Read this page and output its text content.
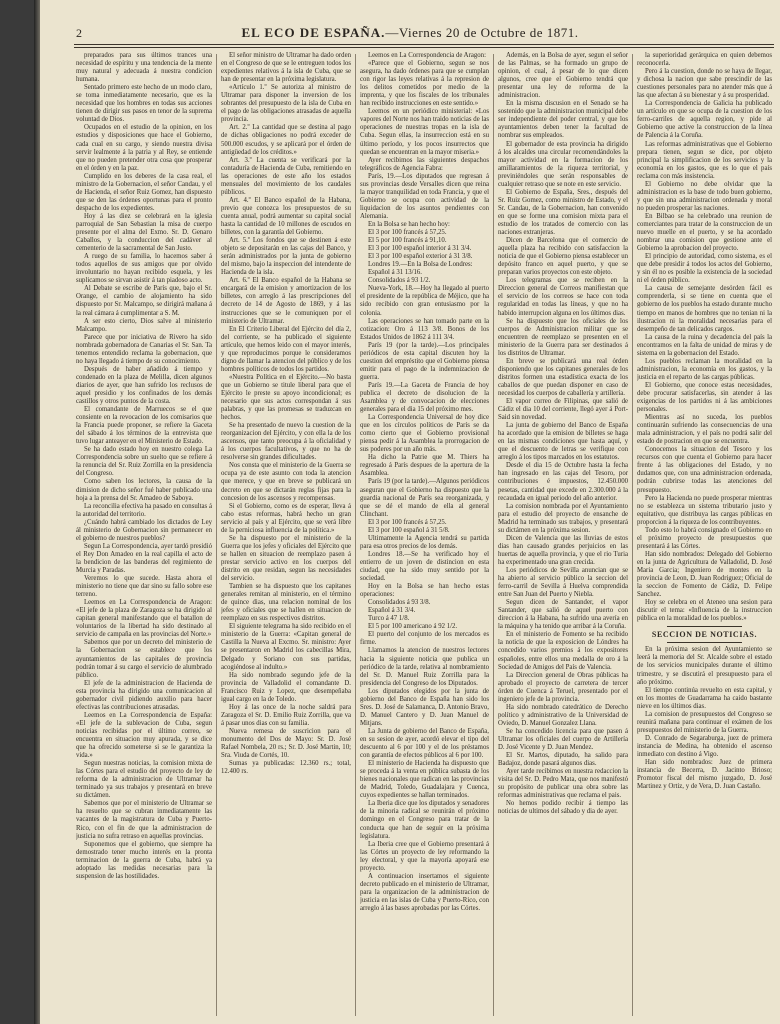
2	EL ECO DE ESPAÑA.—Viernes 20 de Octubre de 1871.

preparados para sus últimos trances una necesidad de espíritu y una tendencia de la mente muy natural y adecuada á nuestra condicion humana.

Sentado primero este hecho de un modo claro, se toma inmediatamente necesario, que es la necesidad que los hombres en todas sus acciones tienen de dirigir sus pasos en tenor de la suprema voluntad de Dios.

Ocupados en el estudio de la opinion, en los estudios y disposiciones que hace el Gobierno, cada cual en su cargo, y siendo nuestra divisa servir lealmente á la patria y al Rey, se entiende que no pueden pretender otra cosa que prosperar en el órden y en la paz.

Cumplido en los deberes de la casa real, el ministro de la Gobernacion, el señor Candau, y el de Hacienda, el señor Ruiz Gomez, han dispuesto que se den las órdenes oportunas para el pronto despacho de los expedientes.

Hoy á las diez se celebrará en la iglesia parroquial de San Sebastian la misa de cuerpo presente por el alma del Exmo. Sr. D. Genaro Caballos, y la conduccion del cadáver al cementerio de la sacramental de San Justo.

A ruego de su familia, lo hacemos saber á todos aquellos de sus amigos que por olvido involuntario no hayan recibido esquela, y les suplicamos se sirvan asistir á tan piadoso acto.

Al Debate se escribe de París que, bajo el Sr. Orange, el cambio de alojamiento ha sido dispuesto por Sr. Malcampo, se dirigirá mañana á la real cámara á cumplimentar a S. M.

A ser esto cierto, Dios salve al ministerio Malcampo.

Parece que por iniciativa de Rivero ha sido nombrada gobernadora de Canarias el Sr. San. Ta tenemos entendido reclama la gobernacion, que no haya llegado á tiempo de su conocimiento.

Después de haber añadido á tiempo y condenado en la plaza de Melilla, dicen algunos diarios de ayer, que han sufrido los reclusos de aquel presidio y los confinados de los demás castillos y otros puntos de la costa.

El comandante de Marruecos se el que consiente en la revocacion de los comisarios que la Francia puede proponer, se refiere la Gaceta del sábado á los términos de la entrevista que tuvo lugar anteayer en el Ministerio de Estado.

Se ha dado estado hoy en nuestro colega La Correspondencia sobre un suelto que se refiere á la renuncia del Sr. Ruiz Zorrilla en la presidencia del Congreso.

Como saben los lectores, la causa de la dimision de dicho señor fué haber publicado una hoja a la prensa del Sr. Amadeo de Saboya.

La reconcilia efectiva ha pasado en consultas á la autoridad del territorio.

¿Cuándo habrá cambiado los dictados de Ley ál ministerio de Gobernacion sin permanecer en el gobierno de nuestros pueblos?

Segun La Correspondencia, ayer tardó presidió el Rey Don Amadeo en la real capilla el acto de la bendicion de las banderas del regimiento de Murcia y Paradas.

Veremos lo que sucede. Hasta ahora el ministerio no tiene que dar sino su fallo sobre ese terreno.

Leemos en La Correspondencia de Aragon: «El jefe de la plaza de Zaragoza se ha dirigido al capitan general manifestando que el batallon de voluntarios de la libertad ha sido destinado al servicio de campaña en las provincias del Norte.»

Sabemos que por un decreto del ministerio de la Gobernacion se establece que los ayuntamientos de las capitales de provincia podrán tomar á su cargo el servicio de alumbrado público.

El jefe de la administracion de Hacienda de esta provincia ha dirigido una comunicacion al gobernador civil pidiendo auxilio para hacer efectivas las contribuciones atrasadas.

Leemos en La Correspondencia de España: «El jefe de la sublevacion de Cuba, segun noticias recibidas por el último correo, se encuentra en situacion muy apurada, y se dice que ha ofrecido someterse si se le garantiza la vida.»

Segun nuestras noticias, la comision mixta de las Córtes para el estudio del proyecto de ley de reforma de la administracion de Ultramar ha terminado ya sus trabajos y presentará en breve su dictámen.

Sabemos que por el ministerio de Ultramar se ha resuelto que se cubran inmediatamente las vacantes de la magistratura de Cuba y Puerto-Rico, con el fin de que la administracion de justicia no sufra retraso en aquellas provincias.

Suponemos que el gobierno, que siempre ha demostrado tener mucho interés en la pronta terminacion de la guerra de Cuba, habrá ya adoptado las medidas necesarias para la suspension de las hostilidades.

El señor ministro de Ultramar ha dado orden en el Congreso de que se le entreguen todos los expedientes relativos á la isla de Cuba, que se han de presentar en la próxima legislatura.

«Artículo 1.º Se autoriza al ministro de Ultramar para disponer la inversion de los sobrantes del presupuesto de la isla de Cuba en el pago de las obligaciones atrasadas de aquella provincia.

Art. 2.º La cantidad que se destina al pago de dichas obligaciones no podrá exceder de 500.000 escudos, y se aplicará por el órden de antigüedad de los créditos.»

Art. 3.º La cuenta se verificará por la contaduría de Hacienda de Cuba, remitiendo en las operaciones de este año los estados mensuales del movimiento de los caudales públicos.

Art. 4.º El Banco español de la Habana, previo que conozca los presupuestos de su cuenta anual, podrá aumentar su capital social hasta la cantidad de 10 millones de escudos en billetes, con la garantía del Gobierno.

Art. 5.º Los fondos que se destinen á este objeto se depositarán en las cajas del Banco, y serán administrados por la junta de gobierno del mismo, bajo la inspeccion del intendente de Hacienda de la isla.

Art. 6.º El Banco español de la Habana se encargará de la emision y amortizacion de los billetes, con arreglo á las prescripciones del decreto de 14 de Agosto de 1869, y á las instrucciones que se le comuniquen por el ministerio de Ultramar.

En El Criterio Liberal del Ejército del día 2, del corriente, se ha publicado el siguiente artículo, que hemos leido con el mayor interés, y que reproducimos porque le consideramos digno de llamar la atencion del público y de los hombres políticos de todos los partidos.

«Nuestra Política en el Ejército.—No basta que un Gobierno se titule liberal para que el Ejército le preste su apoyo incondicional; es necesario que sus actos correspondan á sus palabras, y que las promesas se traduzcan en hechos.

Se ha presentado de nuevo la cuestion de la reorganizacion del Ejército, y con ella la de los ascensos, que tanto preocupa á la oficialidad y á los cuerpos facultativos, y que no ha de resolverse sin grandes dificultades.

Nos consta que el ministerio de la Guerra se ocupa ya de este asunto con toda la atencion que merece, y que en breve se publicará un decreto en que se dictarán reglas fijas para la concesion de los ascensos y recompensas.

Si el Gobierno, como es de esperar, lleva á cabo estas reformas, habrá hecho un gran servicio al país y al Ejército, que se verá libre de la perniciosa influencia de la política.»

Se ha dispuesto por el ministerio de la Guerra que los jefes y oficiales del Ejército que se hallen en situacion de reemplazo pasen á prestar servicio activo en los cuerpos del distrito en que residan, segun las necesidades del servicio.

Tambien se ha dispuesto que los capitanes generales remitan al ministerio, en el término de quince dias, una relacion nominal de los jefes y oficiales que se hallen en situacion de reemplazo en sus respectivos distritos.

El siguiente telegrama ha sido recibido en el ministerio de la Guerra: «Capitan general de Castilla la Nueva al Excmo. Sr. ministro: Ayer se presentaron en Madrid los cabecillas Mira, Delgado y Soriano con sus partidas, acogiéndose al indulto.»

Ha sido nombrado segundo jefe de la provincia de Valladolid el comandante D. Francisco Ruiz y Lopez, que desempeñaba igual cargo en la de Toledo.

Hoy á las once de la noche saldrá para Zaragoza el Sr. D. Emilio Ruiz Zorrilla, que va á pasar unos dias con su familia.

Nueva remesa de suscricion para el monumento del Dos de Mayo: Sr. D. José Rafael Nombela, 20 rs.; Sr. D. José Martin, 10; Sra. Viuda de Cortés, 10.

Sumas ya publicadas: 12.360 rs.; total, 12.400 rs.

Leemos en La Correspondencia de Aragon:

«Parece que el Gobierno, segun se nos asegura, ha dado órdenes para que se cumplan con rigor las leyes relativas á la represion de los delitos cometidos por medio de la imprenta, y que los fiscales de los tribunales han recibido instrucciones en este sentido.»

Leemos en un periódico ministerial: «Los vapores del Norte nos han traido noticias de las operaciones de nuestras tropas en la isla de Cuba. Segun ellas, la insurreccion está en su último período, y los pocos insurrectos que quedan se encuentran en la mayor miseria.»

Ayer recibimos las siguientes despachos telegráficos de Agencia Fabra:

París, 19.—Los diputados que regresan á sus provincias desde Versalles dicen que reina la mayor tranquilidad en toda Francia, y que el Gobierno se ocupa con actividad de la liquidacion de los asuntos pendientes con Alemania.

En la Bolsa se han hecho hoy:

El 3 por 100 francés á 57,25.

El 5 por 100 francés á 91,10.

El 3 por 100 español interior á 31 3/4.

El 3 por 100 español exterior á 31 3/8.

Londres 19.—En la Bolsa de Londres:

Español á 31 13/16.

Consolidados á 93 1/2.

Nueva-York, 18.—Hoy ha llegado al puerto el presidente de la república de Méjico, que ha sido recibido con gran entusiasmo por la colonia.

Las operaciones se han tomado parte en la cotizacion: Oro á 113 3/8. Bonos de los Estados Unidos de 1862 á 111 3/4.

París 19 (por la tarde).—Los principales periódicos de esta capital discuten hoy la cuestion del empréstito que el Gobierno piensa emitir para el pago de la indemnizacion de guerra.

París 19.—La Gaceta de Francia de hoy publica el decreto de disolucion de la Asamblea y de convocacion de elecciones generales para el dia 15 del próximo mes.

La Correspondencia Universal de hoy dice que en los círculos políticos de París se da como cierto que el Gobierno provisional piensa pedir á la Asamblea la prorrogacion de sus poderes por un año más.

Ha dicho la Patrie que M. Thiers ha regresado á París despues de la apertura de la Asamblea.

París 19 (por la tarde).—Algunos periódicos aseguran que el Gobierno ha dispuesto que la guardia nacional de París sea reorganizada, y que se dé el mando de ella al general Clinchant.

El 3 por 100 francés á 57,25.

El 3 por 100 español á 31 5/8.

Ultimamente la Agencia tendrá su partida para esa otros precios de los demás.

Londres 18.—Se ha verificado hoy el entierro de un joven de distincion en esta ciudad, que ha sido muy sentido por la sociedad.

Hoy en la Bolsa se han hecho estas operaciones:

Consolidados á 93 3/8.

Español á 31 3/4.

Turco á 47 1/8.

El 5 por 100 americano á 92 1/2.

El puerto del conjunto de los mercados es firme.

Llamamos la atencion de nuestros lectores hacia la siguiente noticia que publica un periódico de la tarde, relativa al nombramiento del Sr. D. Manuel Ruiz Zorrilla para la presidencia del Congreso de los Diputados.

Los diputados elegidos por la junta de gobierno del Banco de España han sido los Sres. D. José de Salamanca, D. Antonio Bravo, D. Manuel Cantero y D. Juan Manuel de Mitjans.

La Junta de gobierno del Banco de España, en su sesion de ayer, acordó elevar el tipo del descuento al 6 por 100 y el de los préstamos con garantía de efectos públicos al 6 por 100.

El ministerio de Hacienda ha dispuesto que se proceda á la venta en pública subasta de los bienes nacionales que radican en las provincias de Madrid, Toledo, Guadalajara y Cuenca, cuyos expedientes se hallan terminados.

La Iberia dice que los diputados y senadores de la minoria radical se reunirán el próximo domingo en el Congreso para tratar de la conducta que han de seguir en la próxima legislatura.

La Iberia cree que el Gobierno presentará á las Córtes un proyecto de ley reformando la ley electoral, y que la mayoría apoyará ese proyecto.

A continuacion insertamos el siguiente decreto publicado en el ministerio de Ultramar, para la organizacion de la administracion de justicia en las islas de Cuba y Puerto-Rico, con arreglo á las bases aprobadas por las Córtes.

Además, en la Bolsa de ayer, segun el señor de las Palmas, se ha formado un grupo de opinion, el cual, á pesar de lo que dicen algunos, cree que el Gobierno tendrá que presentar una ley de reforma de la administracion.

En la misma discusion en el Senado se ha sostenido que la administracion municipal debe ser independiente del poder central, y que los ayuntamientos deben tener la facultad de nombrar sus empleados.

El gobernador de esta provincia ha dirigido á los alcaldes una circular recomendándoles la mayor actividad en la formacion de los amillaramientos de la riqueza territorial, y previniéndoles que serán responsables de cualquier retraso que se note en este servicio.

El Gobierno de España, Sres., después del Sr. Ruiz Gomez, como ministro de Estado, y el Sr. Candau, de la Gobernacion, han convenido en que se forme una comision mixta para el estudio de los tratados de comercio con las naciones extranjeras.

Dicen de Barcelona que el comercio de aquella plaza ha recibido con satisfaccion la noticia de que el Gobierno piensa establecer un depósito franco en aquel puerto, y que se preparan varios proyectos con este objeto.

Los telegramas que se reciben en la Direccion general de Correos manifiestan que el servicio de los correos se hace con toda regularidad en todas las líneas, y que no ha habido interrupcion alguna en los últimos dias.

Se ha dispuesto que los oficiales de los cuerpos de Administracion militar que se encuentren de reemplazo se presenten en el ministerio de la Guerra para ser destinados á los distritos de Ultramar.

En breve se publicará una real órden disponiendo que los capitanes generales de los distritos formen una estadística exacta de los caballos de que puedan disponer en caso de necesidad los cuerpos de caballería y artillería.

El vapor correo de Filipinas, que salió de Cádiz el dia 10 del corriente, llegó ayer á Port-Said sin novedad.

La junta de gobierno del Banco de España ha acordado que la emision de billetes se haga en las mismas condiciones que hasta aquí, y que el descuento de letras se verifique con arreglo á los tipos marcados en los estatutos.

Desde el dia 15 de Octubre hasta la fecha han ingresado en las cajas del Tesoro, por contribuciones é impuestos, 12.450.000 pesetas, cantidad que excede en 2.300.000 á la recaudada en igual periodo del año anterior.

La comision nombrada por el Ayuntamiento para el estudio del proyecto de ensanche de Madrid ha terminado sus trabajos, y presentará su dictámen en la próxima sesion.

Dicen de Valencia que las lluvias de estos dias han causado grandes perjuicios en las huertas de aquella provincia, y que el rio Turia ha experimentado una gran crecida.

Los periódicos de Sevilla anuncian que se ha abierto al servicio público la seccion del ferro-carril de Sevilla á Huelva comprendida entre San Juan del Puerto y Niebla.

Segun dicen de Santander, el vapor Santander, que salió de aquel puerto con direccion á la Habana, ha sufrido una avería en la máquina y ha tenido que arribar á la Coruña.

En el ministerio de Fomento se ha recibido la noticia de que la exposicion de Lóndres ha concedido varios premios á los expositores españoles, entre ellos una medalla de oro á la Sociedad de Amigos del País de Valencia.

La Direccion general de Obras públicas ha aprobado el proyecto de carretera de tercer órden de Cuenca á Teruel, presentado por el ingeniero jefe de la provincia.

Ha sido nombrado catedrático de Derecho político y administrativo de la Universidad de Oviedo, D. Manuel Gonzalez Llana.

Se ha concedido licencia para que pasen á Ultramar los oficiales del cuerpo de Artillería D. José Vicente y D. Juan Mendez.

El Sr. Martos, diputado, ha salido para Badajoz, donde pasará algunos dias.

Ayer tarde recibimos en nuestra redaccion la visita del Sr. D. Pedro Mata, que nos manifestó su propósito de publicar una obra sobre las reformas administrativas que reclama el pais.

No hemos podido recibir á tiempo las noticias de ultimos del sábado y dia de ayer.

la superioridad gerárquica en quien debemos reconocerla.

Pero á la cuestion, donde no se haya de llegar, y dichosa la nacion que sabe prescindir de las cuestiones personales para no atender más que á las que afectan á su bienestar y á su prosperidad.

La Correspondencia de Galicia ha publicado un artículo en que se ocupa de la cuestion de los ferro-carriles de aquella region, y pide al Gobierno que active la construccion de la línea de Palencia á la Coruña.

Las reformas administrativas que el Gobierno prepara tienen, segun se dice, por objeto principal la simplificacion de los servicios y la economía en los gastos, que es lo que el país reclama con más insistencia.

El Gobierno no debe olvidar que la administracion es la base de todo buen gobierno, y que sin una administracion ordenada y moral no pueden prosperar las naciones.

En Bilbao se ha celebrado una reunion de comerciantes para tratar de la construccion de un nuevo muelle en el puerto, y se ha acordado nombrar una comision que gestione ante el Gobierno la aprobacion del proyecto.

El principio de autoridad, como sistema, es el que debe presidir á todos los actos del Gobierno, y sin él no es posible la existencia de la sociedad ni el órden público.

La causa de semejante desórden fácil es comprenderla, si se tiene en cuenta que el gobierno de los pueblos ha estado durante mucho tiempo en manos de hombres que no tenian ni la ilustracion ni la moralidad necesarias para el desempeño de tan delicados cargos.

La causa de la ruina y decadencia del país la encontramos en la falta de unidad de miras y de sistema en la gobernacion del Estado.

Los pueblos reclaman la moralidad en la administracion, la economía en los gastos, y la justicia en el reparto de las cargas públicas.

El Gobierno, que conoce estas necesidades, debe procurar satisfacerlas, sin atender á las exigencias de los partidos ni á las ambiciones personales.

Mientras así no suceda, los pueblos continuarán sufriendo las consecuencias de una mala administracion, y el país no podrá salir del estado de postracion en que se encuentra.

Conocemos la situacion del Tesoro y los recursos con que cuenta el Gobierno para hacer frente á las obligaciones del Estado, y no dudamos que, con una administracion ordenada, podrán cubrirse todas las atenciones del presupuesto.

Pero la Hacienda no puede prosperar mientras no se establezca un sistema tributario justo y equitativo, que distribuya las cargas públicas en proporcion á la riqueza de los contribuyentes.

Todo esto lo habrá consignado el Gobierno en el próximo proyecto de presupuestos que presentará á las Córtes.

Han sido nombrados: Delegado del Gobierno en la junta de Agricultura de Valladolid, D. José Maria Garcia; Ingeniero de montes en la provincia de Leon, D. Juan Rodriguez; Oficial de la seccion de Fomento de Cádiz, D. Felipe Sanchez.

Hoy se celebra en el Ateneo una sesion para discutir el tema: «Influencia de la instruccion pública en la moralidad de los pueblos.»

SECCION DE NOTICIAS.

En la próxima sesion del Ayuntamiento se leerá la memoria del Sr. Alcalde sobre el estado de los servicios municipales durante el último trimestre, y se discutirá el presupuesto para el año próximo.

El tiempo continúa revuelto en esta capital, y en los montes de Guadarrama ha caido bastante nieve en los últimos dias.

La comision de presupuestos del Congreso se reunirá mañana para continuar el exámen de los presupuestos del ministerio de la Guerra.

D. Conrado de Segaraburga, juez de primera instancia de Medina, ha obtenido el ascenso inmediato con destino á Vigo.

Han sido nombrados: Juez de primera instancia de Becerra, D. Jacinto Brioso; Promotor fiscal del mismo juzgado, D. José Martinez y Ortiz, y de Vera, D. Juan Castaño.
